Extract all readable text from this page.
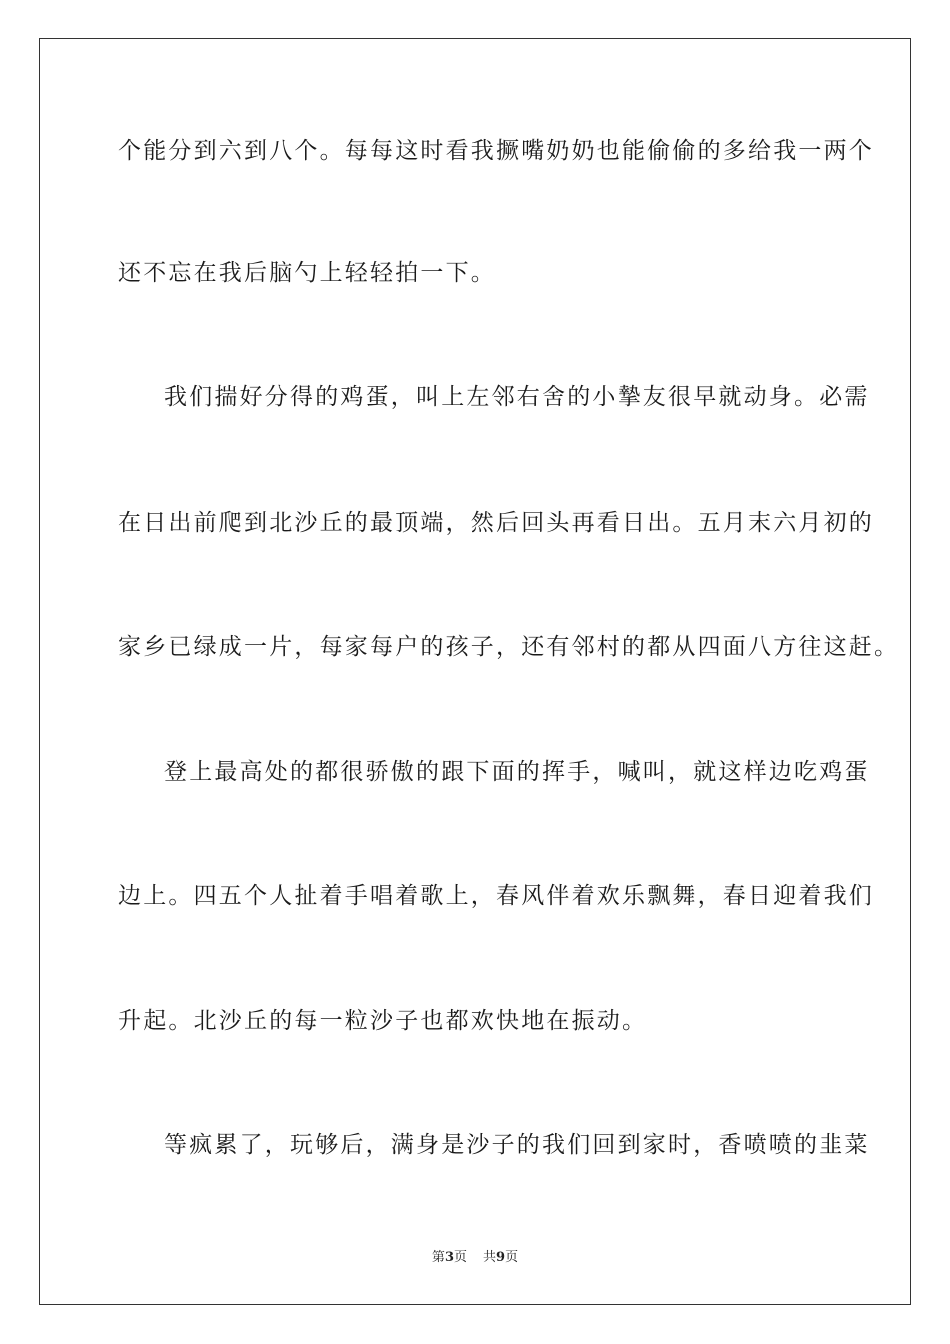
个能分到六到八个。每每这时看我撅嘴奶奶也能偷偷的多给我一两个
还不忘在我后脑勺上轻轻拍一下。
我们揣好分得的鸡蛋，叫上左邻右舍的小摯友很早就动身。必需
在日出前爬到北沙丘的最顶端，然后回头再看日出。五月末六月初的
家乡已绿成一片，每家每户的孩子，还有邻村的都从四面八方往这赶。
登上最高处的都很骄傲的跟下面的挥手，喊叫，就这样边吃鸡蛋
边上。四五个人扯着手唱着歌上，春风伴着欢乐飘舞，春日迎着我们
升起。北沙丘的每一粒沙子也都欢快地在振动。
等疯累了，玩够后，满身是沙子的我们回到家时，香喷喷的韭菜
第3页 共9页
